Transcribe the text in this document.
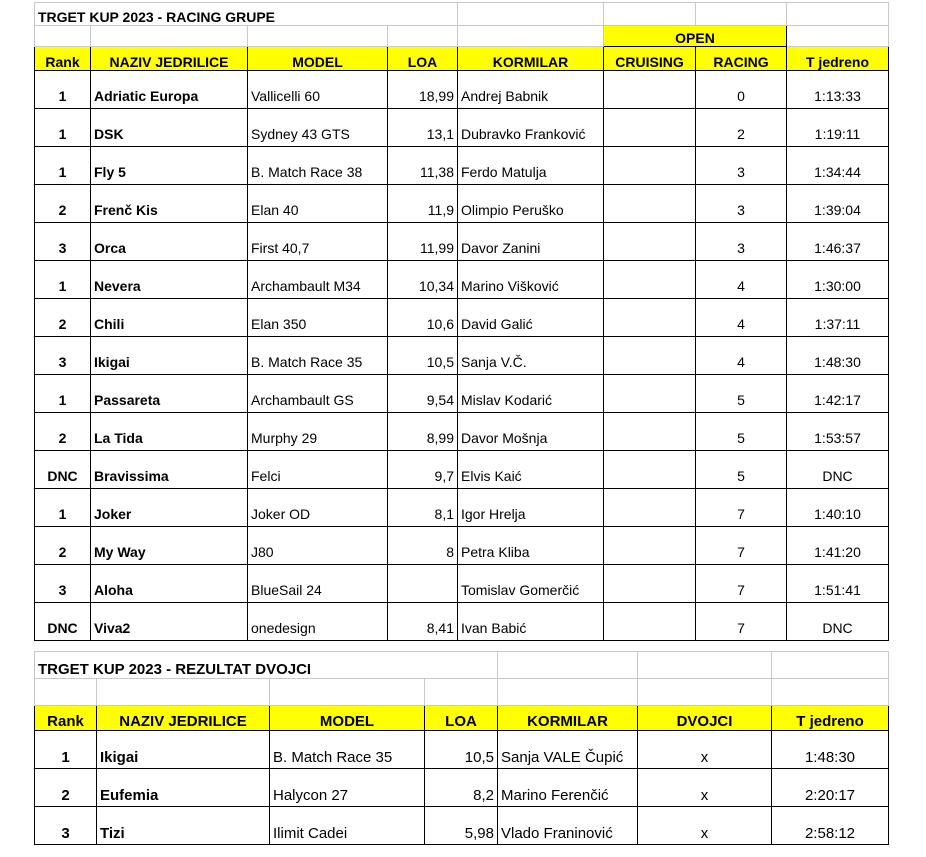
TRGET KUP 2023 - RACING GRUPE							
					OPEN		
Rank	NAZIV JEDRILICE	MODEL	LOA	KORMILAR	CRUISING	RACING	T jedreno
1	Adriatic Europa	Vallicelli 60	18,99	Andrej Babnik		0	1:13:33
1	DSK	Sydney 43 GTS	13,1	Dubravko Franković		2	1:19:11
1	Fly 5	B. Match Race 38	11,38	Ferdo Matulja		3	1:34:44
2	Frenč Kis	Elan 40	11,9	Olimpio Peruško		3	1:39:04
3	Orca	First 40,7	11,99	Davor Zanini		3	1:46:37
1	Nevera	Archambault M34	10,34	Marino Višković		4	1:30:00
2	Chili	Elan 350	10,6	David Galić		4	1:37:11
3	Ikigai	B. Match Race 35	10,5	Sanja V.Č.		4	1:48:30
1	Passareta	Archambault GS	9,54	Mislav Kodarić		5	1:42:17
2	La Tida	Murphy 29	8,99	Davor Mošnja		5	1:53:57
DNC	Bravissima	Felci	9,7	Elvis Kaić		5	DNC
1	Joker	Joker OD	8,1	Igor Hrelja		7	1:40:10
2	My Way	J80	8	Petra Kliba		7	1:41:20
3	Aloha	BlueSail 24		Tomislav Gomerčić		7	1:51:41
DNC	Viva2	onedesign	8,41	Ivan Babić		7	DNC
TRGET KUP 2023 - REZULTAT DVOJCI						

Rank	NAZIV JEDRILICE	MODEL	LOA	KORMILAR	DVOJCI	T jedreno
1	Ikigai	B. Match Race 35	10,5	Sanja VALE Čupić	x	1:48:30
2	Eufemia	Halycon 27	8,2	Marino Ferenčić	x	2:20:17
3	Tizi	Ilimit Cadei	5,98	Vlado Franinović	x	2:58:12
